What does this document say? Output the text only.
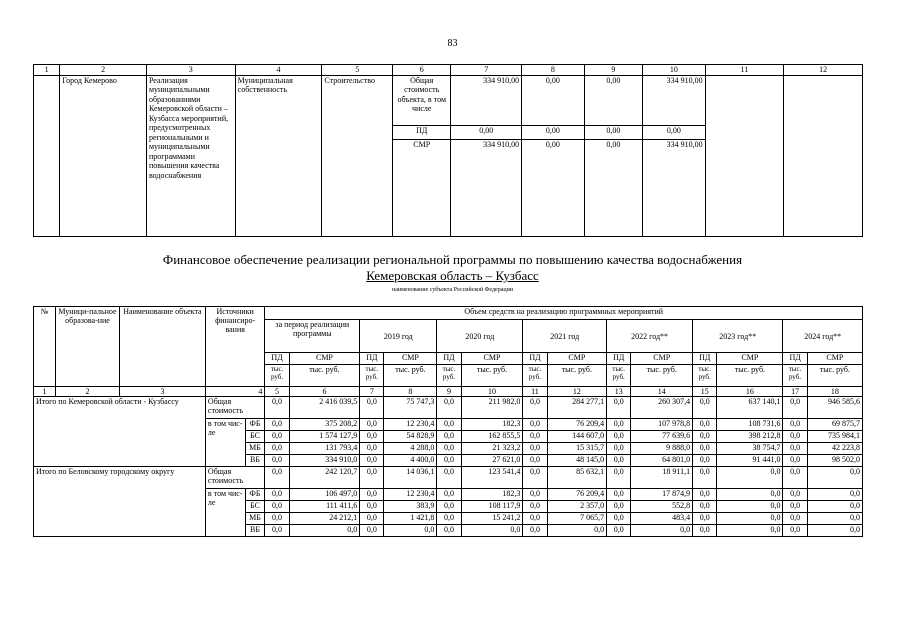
83
1	2	3	4	5	6	7	8	9	10	11	12
	Город Кемерово	Реализация муниципальными образованиями Кемеровской области – Кузбасса мероприятий, предусмотренных региональными и муниципальными программами повышения качества водоснабжения	Муниципальная собственность	Строительство	Общая стоимость объекта, в том числе	334 910,00	0,00	0,00	334 910,00		
					ПД	0,00	0,00	0,00	0,00		
					СМР	334 910,00	0,00	0,00	334 910,00		
Финансовое обеспечение реализации региональной программы по повышению качества водоснабжения
Кемеровская область – Кузбасс
наименование субъекта Российской Федерации
№	Муници-пальное образова-ние	Наименование объекта	Источники финансиро-вания		Объем средств на реализацию программных мероприятий													
					за период реализации программы		2019 год		2020 год		2021 год		2022 год**		2023 год**		2024 год**	
					ПД	СМР	ПД	СМР	ПД	СМР	ПД	СМР	ПД	СМР	ПД	СМР	ПД	СМР
					тыс. руб.	тыс. руб.	тыс. руб.	тыс. руб.	тыс. руб.	тыс. руб.	тыс. руб.	тыс. руб.	тыс. руб.	тыс. руб.	тыс. руб.	тыс. руб.	тыс. руб.	тыс. руб.
1	2	3	4		5	6	7	8	9	10	11	12	13	14	15	16	17	18
Итого по Кемеровской области - Кузбассу			Общая стоимость		0,0	2 416 039,5	0,0	75 747,3	0,0	211 982,0	0,0	284 277,1	0,0	260 307,4	0,0	637 140,1	0,0	946 585,6
			в том чис-ле	ФБ	0,0	375 208,2	0,0	12 230,4	0,0	182,3	0,0	76 209,4	0,0	107 978,8	0,0	108 731,6	0,0	69 875,7
				БС	0,0	1 574 127,9	0,0	54 828,9	0,0	162 855,5	0,0	144 607,0	0,0	77 639,6	0,0	398 212,8	0,0	735 984,1
				МБ	0,0	131 793,4	0,0	4 288,0	0,0	21 323,2	0,0	15 315,7	0,0	9 888,0	0,0	38 754,7	0,0	42 223,8
				ВБ	0,0	334 910,0	0,0	4 400,0	0,0	27 621,0	0,0	48 145,0	0,0	64 801,0	0,0	91 441,0	0,0	98 502,0
Итого по Беловскому городскому округу			Общая стоимость		0,0	242 120,7	0,0	14 036,1	0,0	123 541,4	0,0	85 632,1	0,0	18 911,1	0,0	0,0	0,0	0,0
			в том чис-ле	ФБ	0,0	106 497,0	0,0	12 230,4	0,0	182,3	0,0	76 209,4	0,0	17 874,9	0,0	0,0	0,0	0,0
				БС	0,0	111 411,6	0,0	383,9	0,0	108 117,9	0,0	2 357,0	0,0	552,8	0,0	0,0	0,0	0,0
				МБ	0,0	24 212,1	0,0	1 421,8	0,0	15 241,2	0,0	7 065,7	0,0	483,4	0,0	0,0	0,0	0,0
				ВБ	0,0	0,0	0,0	0,0	0,0	0,0	0,0	0,0	0,0	0,0	0,0	0,0	0,0	0,0
